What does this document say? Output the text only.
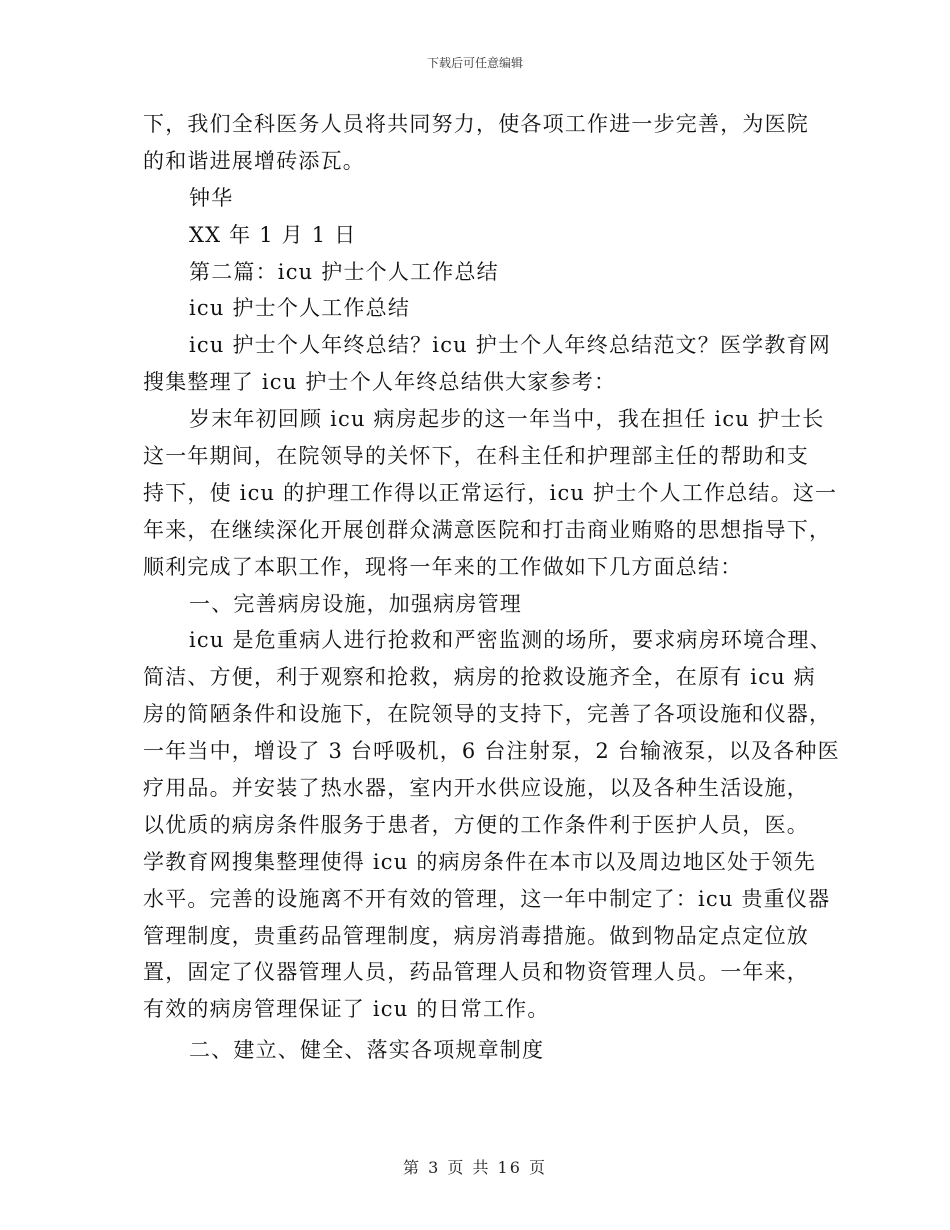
下载后可任意编辑
下，我们全科医务人员将共同努力，使各项工作进一步完善，为医院
的和谐进展增砖添瓦。
钟华
XX 年 1 月 1 日
第二篇：icu 护士个人工作总结
icu 护士个人工作总结
icu 护士个人年终总结？icu 护士个人年终总结范文？医学教育网
搜集整理了 icu 护士个人年终总结供大家参考：
岁末年初回顾 icu 病房起步的这一年当中，我在担任 icu 护士长
这一年期间，在院领导的关怀下，在科主任和护理部主任的帮助和支
持下，使 icu 的护理工作得以正常运行，icu 护士个人工作总结。这一
年来，在继续深化开展创群众满意医院和打击商业贿赂的思想指导下，
顺利完成了本职工作，现将一年来的工作做如下几方面总结：
一、完善病房设施，加强病房管理
icu 是危重病人进行抢救和严密监测的场所，要求病房环境合理、
简洁、方便，利于观察和抢救，病房的抢救设施齐全，在原有 icu 病
房的简陋条件和设施下，在院领导的支持下，完善了各项设施和仪器，
一年当中，增设了 3 台呼吸机，6 台注射泵，2 台输液泵，以及各种医
疗用品。并安装了热水器，室内开水供应设施，以及各种生活设施，
以优质的病房条件服务于患者，方便的工作条件利于医护人员，医。
学教育网搜集整理使得 icu 的病房条件在本市以及周边地区处于领先
水平。完善的设施离不开有效的管理，这一年中制定了：icu 贵重仪器
管理制度，贵重药品管理制度，病房消毒措施。做到物品定点定位放
置，固定了仪器管理人员，药品管理人员和物资管理人员。一年来，
有效的病房管理保证了 icu 的日常工作。
二、建立、健全、落实各项规章制度
第 3 页 共 16 页
